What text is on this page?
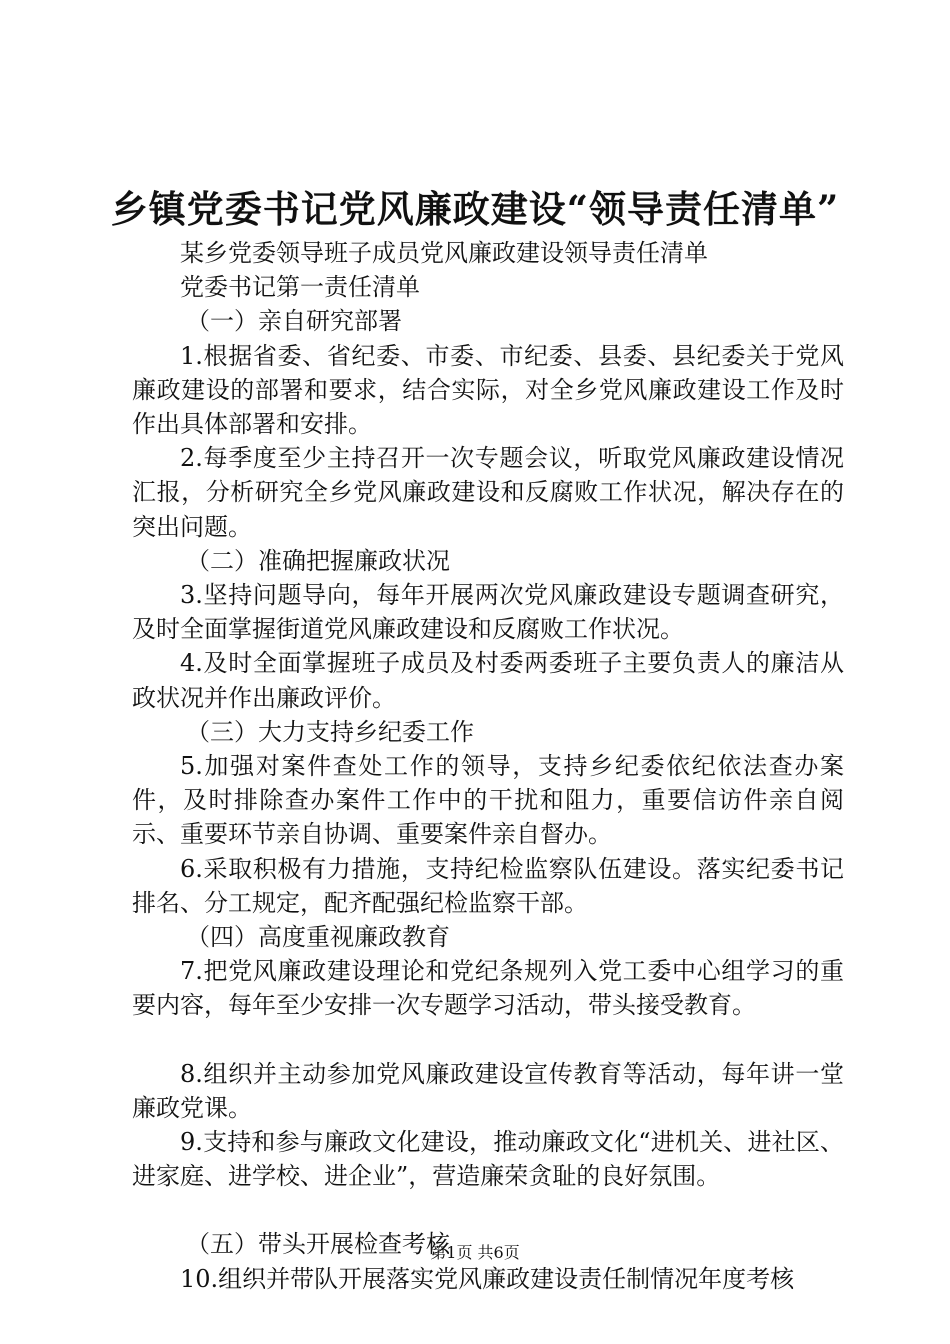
乡镇党委书记党风廉政建设“领导责任清单”

某乡党委领导班子成员党风廉政建设领导责任清单

党委书记第一责任清单

（一）亲自研究部署

1.根据省委、省纪委、市委、市纪委、县委、县纪委关于党风廉政建设的部署和要求，结合实际，对全乡党风廉政建设工作及时作出具体部署和安排。

2.每季度至少主持召开一次专题会议，听取党风廉政建设情况汇报，分析研究全乡党风廉政建设和反腐败工作状况，解决存在的突出问题。

（二）准确把握廉政状况

3.坚持问题导向，每年开展两次党风廉政建设专题调查研究，及时全面掌握街道党风廉政建设和反腐败工作状况。

4.及时全面掌握班子成员及村委两委班子主要负责人的廉洁从政状况并作出廉政评价。

（三）大力支持乡纪委工作

5.加强对案件查处工作的领导，支持乡纪委依纪依法查办案件，及时排除查办案件工作中的干扰和阻力，重要信访件亲自阅示、重要环节亲自协调、重要案件亲自督办。

6.采取积极有力措施，支持纪检监察队伍建设。落实纪委书记排名、分工规定，配齐配强纪检监察干部。

（四）高度重视廉政教育

7.把党风廉政建设理论和党纪条规列入党工委中心组学习的重要内容，每年至少安排一次专题学习活动，带头接受教育。

8.组织并主动参加党风廉政建设宣传教育等活动，每年讲一堂廉政党课。

9.支持和参与廉政文化建设，推动廉政文化“进机关、进社区、进家庭、进学校、进企业”，营造廉荣贪耻的良好氛围。

（五）带头开展检查考核

10.组织并带队开展落实党风廉政建设责任制情况年度考核

第1页 共6页
